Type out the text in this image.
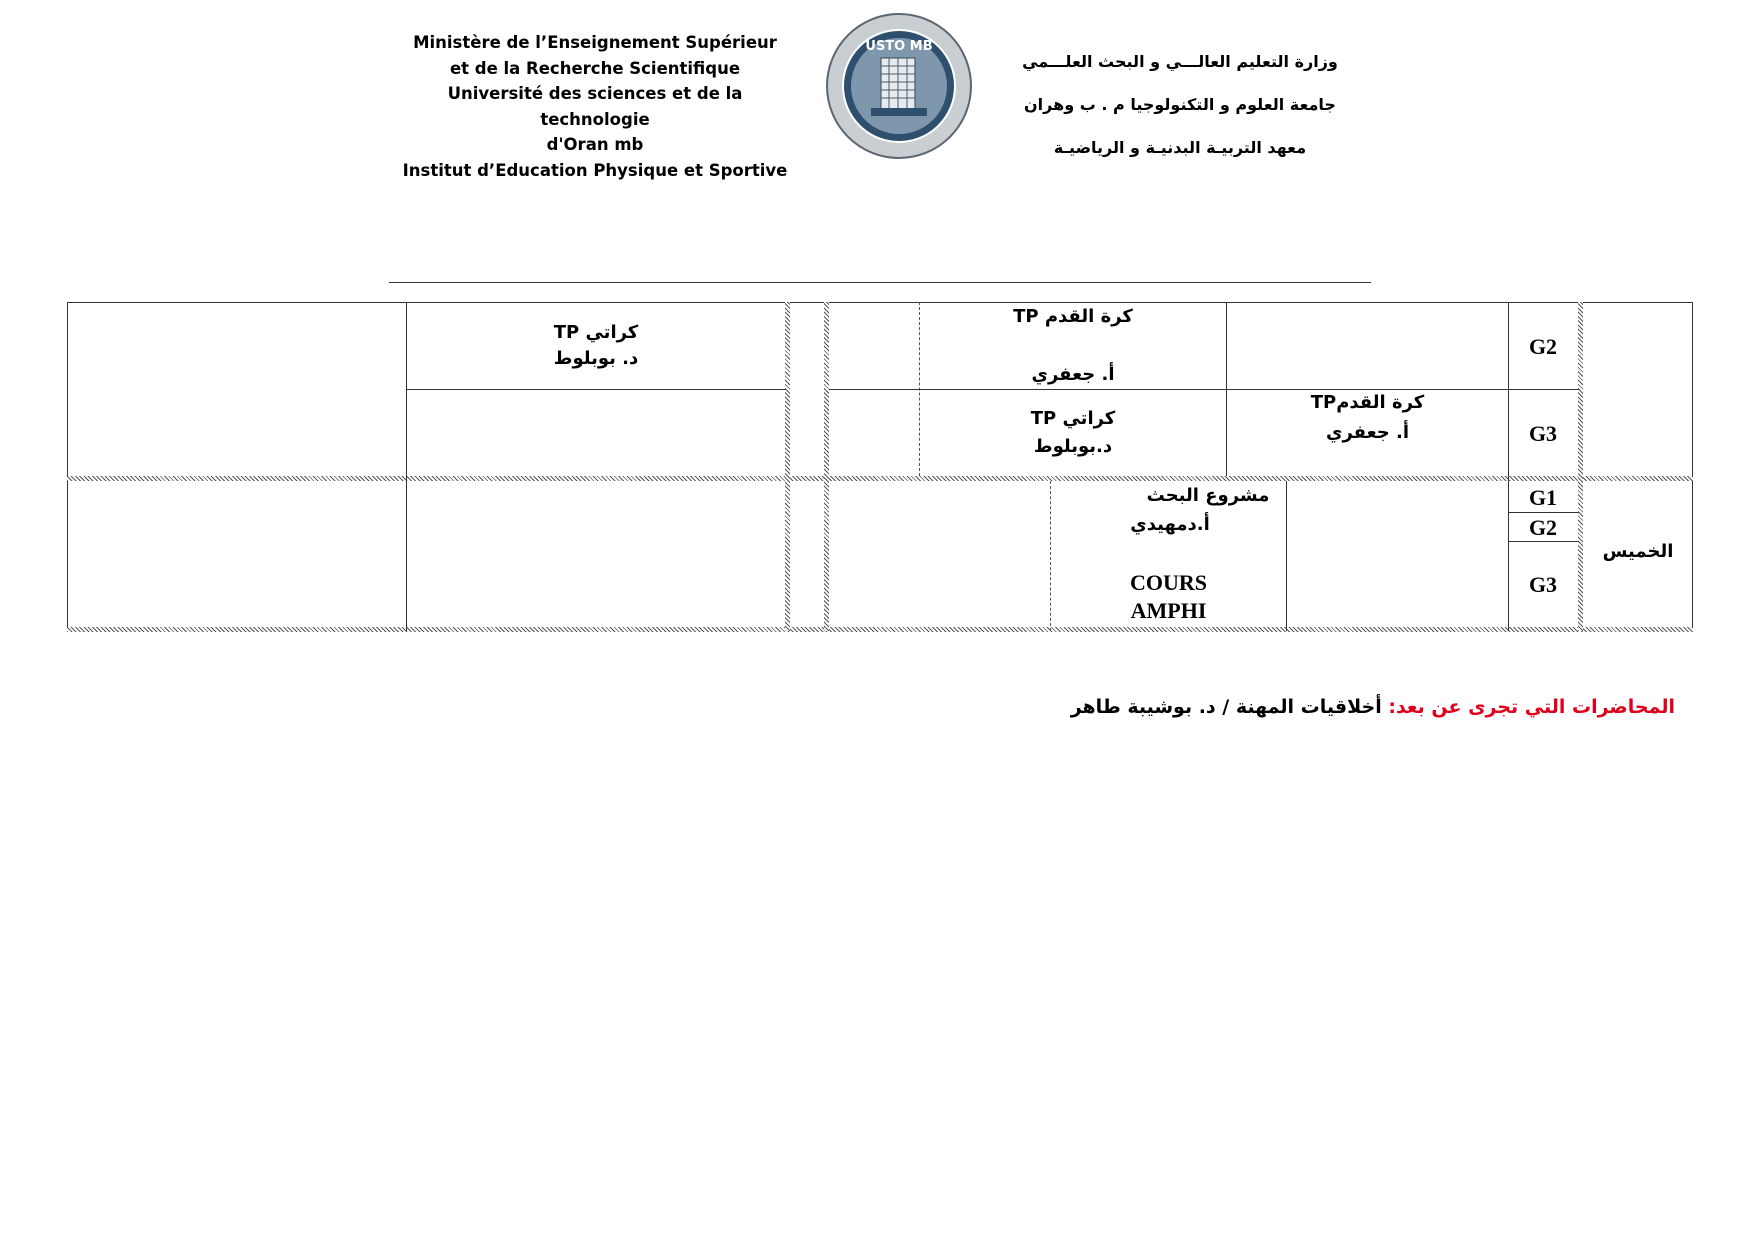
Ministère de l’Enseignement Supérieur
et de la Recherche Scientifique
Université des sciences et de la technologie
d'Oran mb
Institut d’Education Physique et Sportive
USTO MB
وزارة التعليم العالـــي و البحث العلـــمي
جامعة العلوم و التكنولوجيا م . ب وهران
معهد التربيـة البدنيـة و الرياضيـة
G2
G3
G1
G2
G3
الخميس
كراتي TP
د. بوبلوط
كرة القدم TP
أ. جعفري
كراتي TP
د.بوبلوط
كرة القدمTP
أ. جعفري
مشروع البحث
أ.دمهيدي
COURS
AMPHI
المحاضرات التي تجرى عن بعد: أخلاقيات المهنة / د. بوشيبة طاهر
